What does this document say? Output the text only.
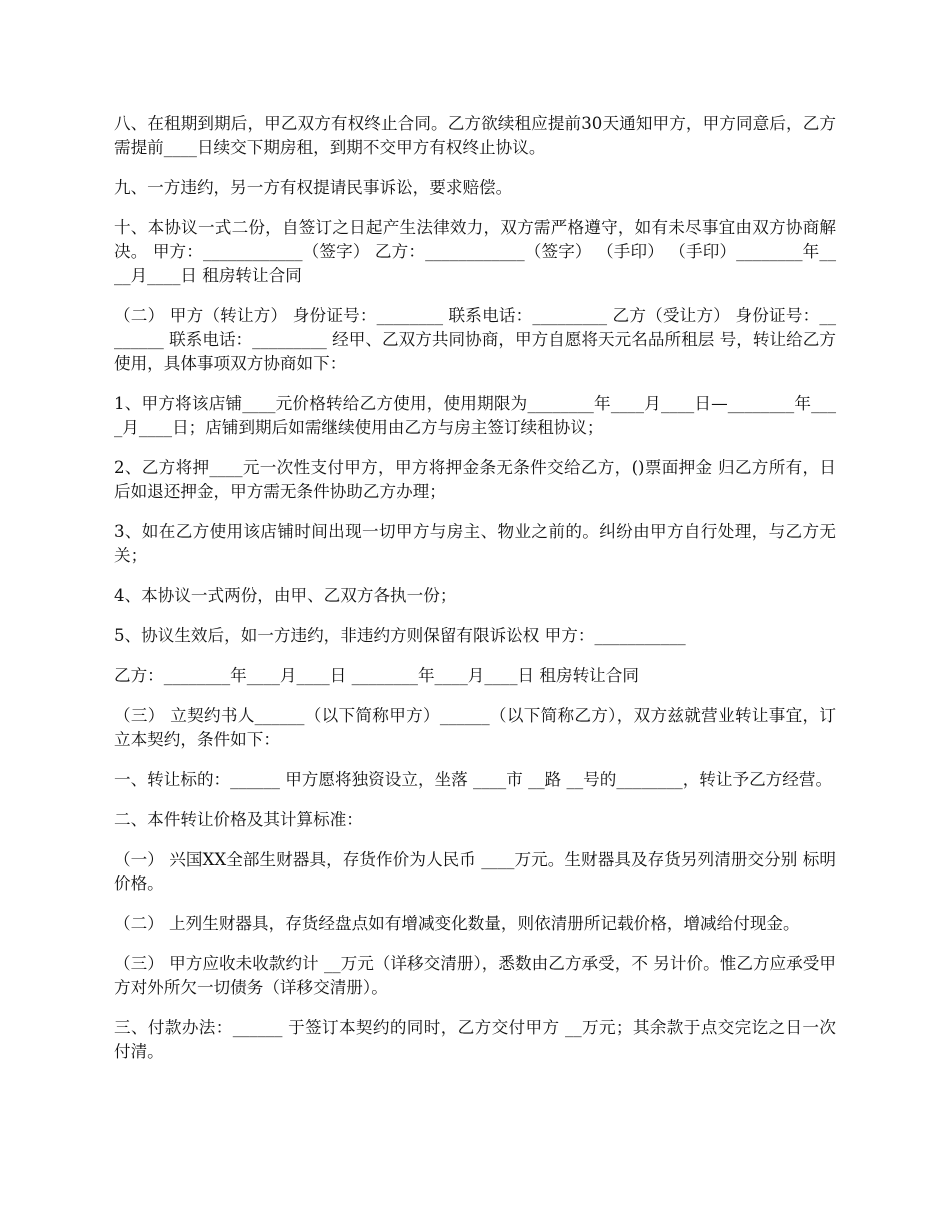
八、在租期到期后，甲乙双方有权终止合同。乙方欲续租应提前30天通知甲方，甲方同意后，乙方需提前____日续交下期房租，到期不交甲方有权终止协议。

九、一方违约，另一方有权提请民事诉讼，要求赔偿。

十、本协议一式二份，自签订之日起产生法律效力，双方需严格遵守，如有未尽事宜由双方协商解决。 甲方：____________（签字） 乙方：____________（签字） （手印） （手印）________年____月____日 租房转让合同

（二） 甲方（转让方） 身份证号：________ 联系电话：_________ 乙方（受让方） 身份证号：________ 联系电话：_________ 经甲、乙双方共同协商，甲方自愿将天元名品所租层 号，转让给乙方使用，具体事项双方协商如下：

1、甲方将该店铺____元价格转给乙方使用，使用期限为________年____月____日—________年____月____日；店铺到期后如需继续使用由乙方与房主签订续租协议；

2、乙方将押____元一次性支付甲方，甲方将押金条无条件交给乙方，()票面押金 归乙方所有，日后如退还押金，甲方需无条件协助乙方办理；

3、如在乙方使用该店铺时间出现一切甲方与房主、物业之前的。纠纷由甲方自行处理，与乙方无关；

4、本协议一式两份，由甲、乙双方各执一份；

5、协议生效后，如一方违约，非违约方则保留有限诉讼权 甲方：___________

乙方：________年____月____日 ________年____月____日 租房转让合同

（三） 立契约书人______（以下简称甲方）______（以下简称乙方），双方兹就营业转让事宜，订立本契约，条件如下：

一、转让标的：______ 甲方愿将独资设立，坐落 ____市 __路 __号的________，转让予乙方经营。

二、本件转让价格及其计算标准：

（一） 兴国XX全部生财器具，存货作价为人民币 ____万元。生财器具及存货另列清册交分别 标明价格。

（二） 上列生财器具，存货经盘点如有增减变化数量，则依清册所记载价格，增减给付现金。

（三） 甲方应收未收款约计 __万元（详移交清册），悉数由乙方承受，不 另计价。惟乙方应承受甲方对外所欠一切债务（详移交清册）。

三、付款办法：______ 于签订本契约的同时，乙方交付甲方 __万元；其余款于点交完讫之日一次付清。
